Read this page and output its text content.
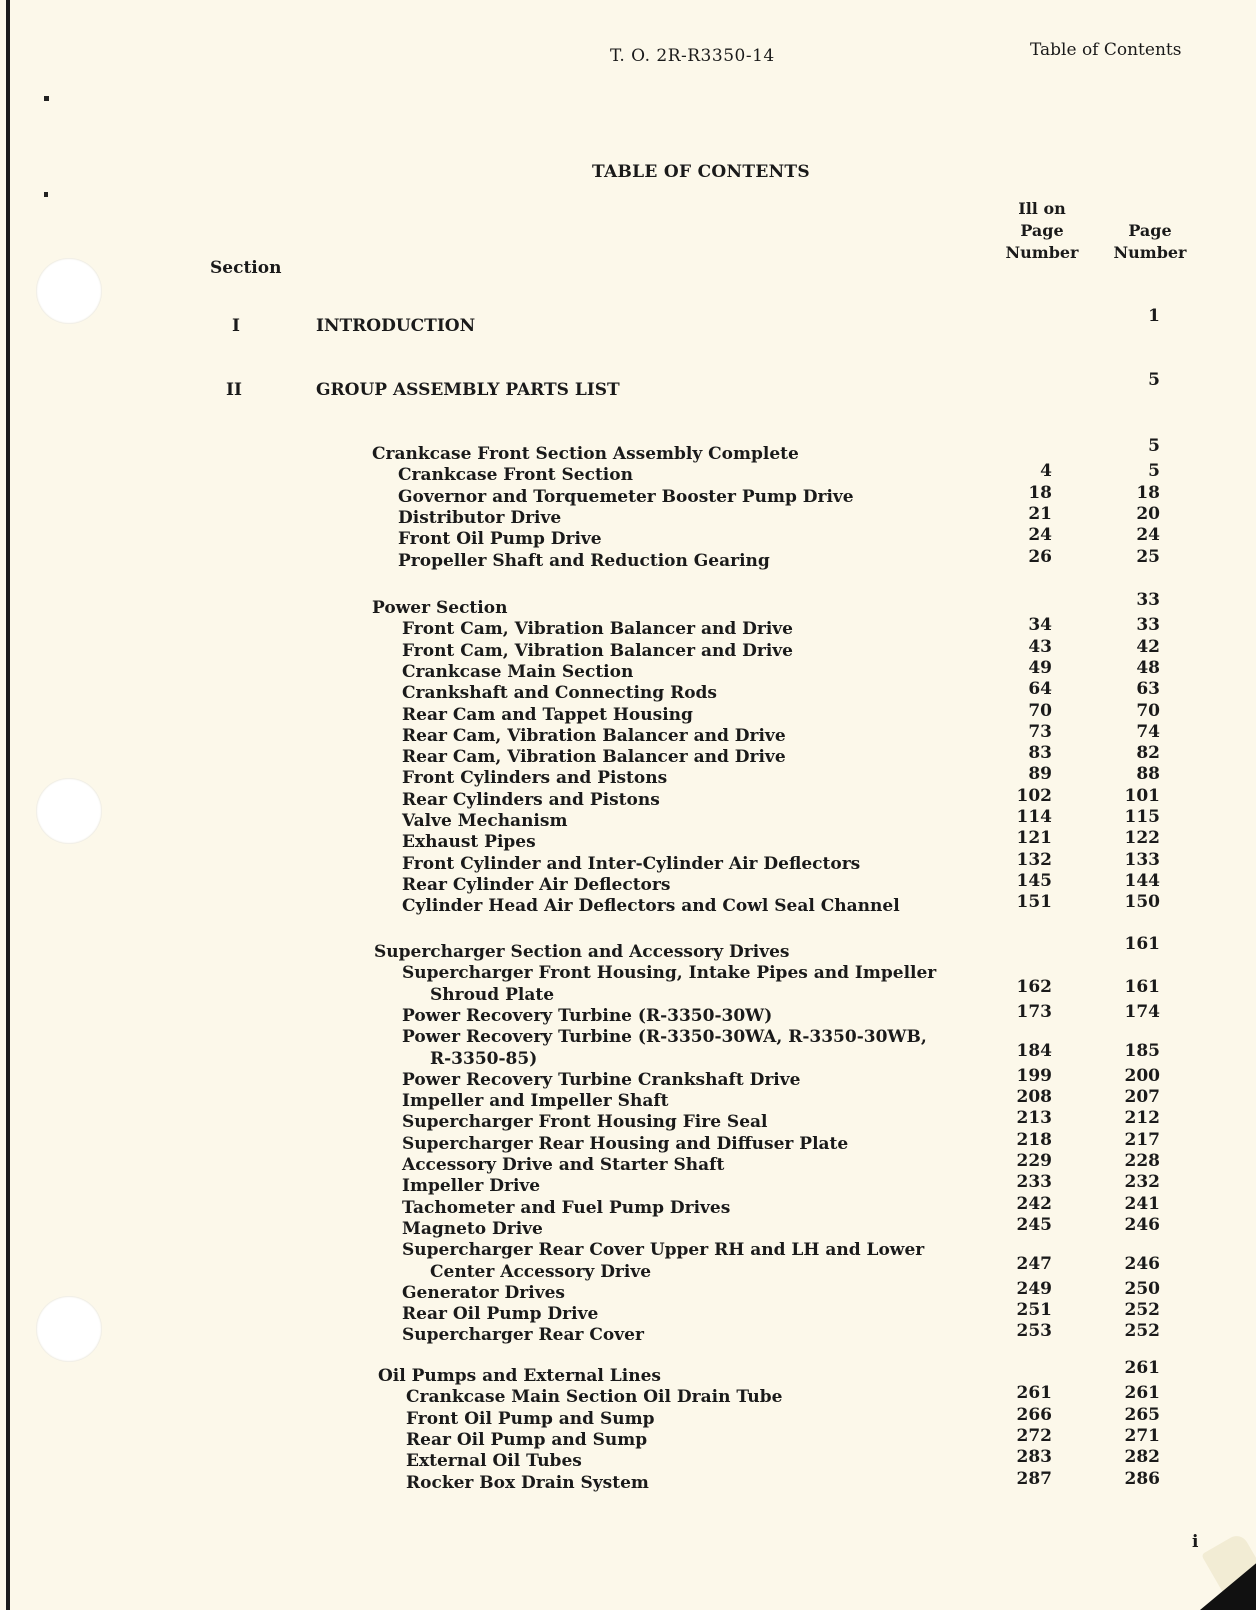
T. O. 2R-R3350-14	Table of Contents
TABLE OF CONTENTS
Ill on
Page
Number
Page
Number
Section
I	INTRODUCTION	1
II	GROUP ASSEMBLY PARTS LIST	5
Crankcase Front Section Assembly Complete	5
Crankcase Front Section	4	5
Governor and Torquemeter Booster Pump Drive	18	18
Distributor Drive	21	20
Front Oil Pump Drive	24	24
Propeller Shaft and Reduction Gearing	26	25
Power Section	33
Front Cam, Vibration Balancer and Drive	34	33
Front Cam, Vibration Balancer and Drive	43	42
Crankcase Main Section	49	48
Crankshaft and Connecting Rods	64	63
Rear Cam and Tappet Housing	70	70
Rear Cam, Vibration Balancer and Drive	73	74
Rear Cam, Vibration Balancer and Drive	83	82
Front Cylinders and Pistons	89	88
Rear Cylinders and Pistons	102	101
Valve Mechanism	114	115
Exhaust Pipes	121	122
Front Cylinder and Inter-Cylinder Air Deflectors	132	133
Rear Cylinder Air Deflectors	145	144
Cylinder Head Air Deflectors and Cowl Seal Channel	151	150
Supercharger Section and Accessory Drives	161
Supercharger Front Housing, Intake Pipes and Impeller
Shroud Plate	162	161
Power Recovery Turbine (R-3350-30W)	173	174
Power Recovery Turbine (R-3350-30WA, R-3350-30WB,
R-3350-85)	184	185
Power Recovery Turbine Crankshaft Drive	199	200
Impeller and Impeller Shaft	208	207
Supercharger Front Housing Fire Seal	213	212
Supercharger Rear Housing and Diffuser Plate	218	217
Accessory Drive and Starter Shaft	229	228
Impeller Drive	233	232
Tachometer and Fuel Pump Drives	242	241
Magneto Drive	245	246
Supercharger Rear Cover Upper RH and LH and Lower
Center Accessory Drive	247	246
Generator Drives	249	250
Rear Oil Pump Drive	251	252
Supercharger Rear Cover	253	252
Oil Pumps and External Lines	261
Crankcase Main Section Oil Drain Tube	261	261
Front Oil Pump and Sump	266	265
Rear Oil Pump and Sump	272	271
External Oil Tubes	283	282
Rocker Box Drain System	287	286
i
